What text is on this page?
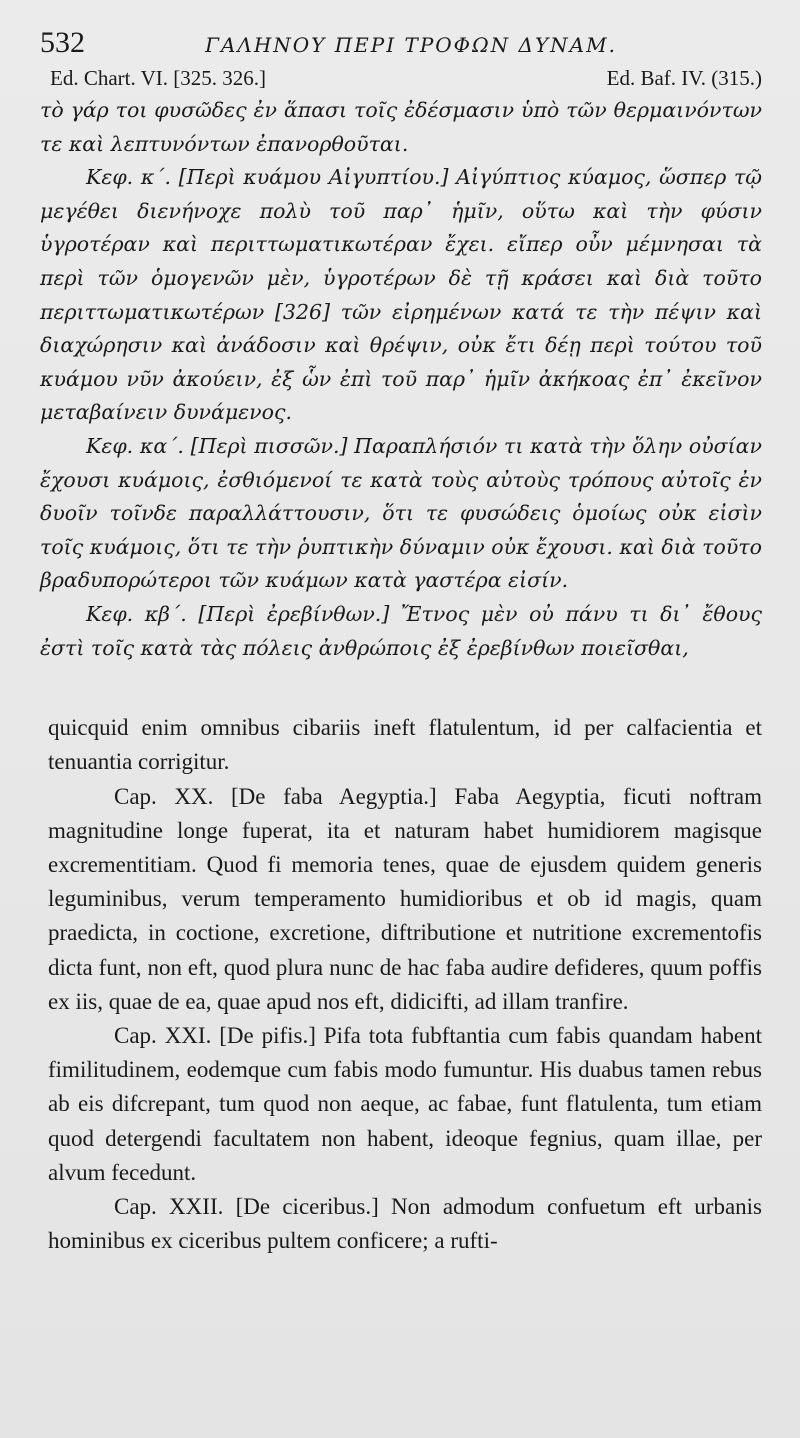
532	ΓΑΛΗΝΟΥ ΠΕΡΙ ΤΡΟΦΩΝ ΔΥΝΑΜ.
Ed. Chart. VI. [325. 326.]	Ed. Baf. IV. (315.)

τὸ γάρ τοι φυσῶδες ἐν ἅπασι τοῖς ἐδέσμασιν ὑπὸ τῶν θερμαινόντων τε καὶ λεπτυνόντων ἐπανορθοῦται.

Κεφ. κ΄. [Περὶ κυάμου Αἰγυπτίου.] Αἰγύπτιος κύαμος, ὥσπερ τῷ μεγέθει διενήνοχε πολὺ τοῦ παρ᾽ ἡμῖν, οὕτω καὶ τὴν φύσιν ὑγροτέραν καὶ περιττωματικωτέραν ἔχει. εἴπερ οὖν μέμνησαι τὰ περὶ τῶν ὁμογενῶν μὲν, ὑγροτέρων δὲ τῇ κράσει καὶ διὰ τοῦτο περιττωματικωτέρων [326] τῶν εἰρημένων κατά τε τὴν πέψιν καὶ διαχώρησιν καὶ ἀνάδοσιν καὶ θρέψιν, οὐκ ἔτι δέῃ περὶ τούτου τοῦ κυάμου νῦν ἀκούειν, ἐξ ὧν ἐπὶ τοῦ παρ᾽ ἡμῖν ἀκήκοας ἐπ᾽ ἐκεῖνον μεταβαίνειν δυνάμενος.

Κεφ. κα΄. [Περὶ πισσῶν.] Παραπλήσιόν τι κατὰ τὴν ὅλην οὐσίαν ἔχουσι κυάμοις, ἐσθιόμενοί τε κατὰ τοὺς αὐτοὺς τρόπους αὐτοῖς ἐν δυοῖν τοῖνδε παραλλάττουσιν, ὅτι τε φυσώδεις ὁμοίως οὐκ εἰσὶν τοῖς κυάμοις, ὅτι τε τὴν ῥυπτικὴν δύναμιν οὐκ ἔχουσι. καὶ διὰ τοῦτο βραδυπορώτεροι τῶν κυάμων κατὰ γαστέρα εἰσίν.

Κεφ. κβ΄. [Περὶ ἐρεβίνθων.] Ἔτνος μὲν οὐ πάνυ τι δι᾽ ἔθους ἐστὶ τοῖς κατὰ τὰς πόλεις ἀνθρώποις ἐξ ἐρεβίνθων ποιεῖσθαι,

quicquid enim omnibus cibariis ineft flatulentum, id per calfacientia et tenuantia corrigitur.

Cap. XX. [De faba Aegyptia.] Faba Aegyptia, ficuti noftram magnitudine longe fuperat, ita et naturam habet humidiorem magisque excrementitiam. Quod fi memoria tenes, quae de ejusdem quidem generis leguminibus, verum temperamento humidioribus et ob id magis, quam praedicta, in coctione, excretione, diftributione et nutritione excrementofis dicta funt, non eft, quod plura nunc de hac faba audire defideres, quum poffis ex iis, quae de ea, quae apud nos eft, didicifti, ad illam tranfire.

Cap. XXI. [De pifis.] Pifa tota fubftantia cum fabis quandam habent fimilitudinem, eodemque cum fabis modo fumuntur. His duabus tamen rebus ab eis difcrepant, tum quod non aeque, ac fabae, funt flatulenta, tum etiam quod detergendi facultatem non habent, ideoque fegnius, quam illae, per alvum fecedunt.

Cap. XXII. [De ciceribus.] Non admodum confuetum eft urbanis hominibus ex ciceribus pultem conficere; a rufti-
